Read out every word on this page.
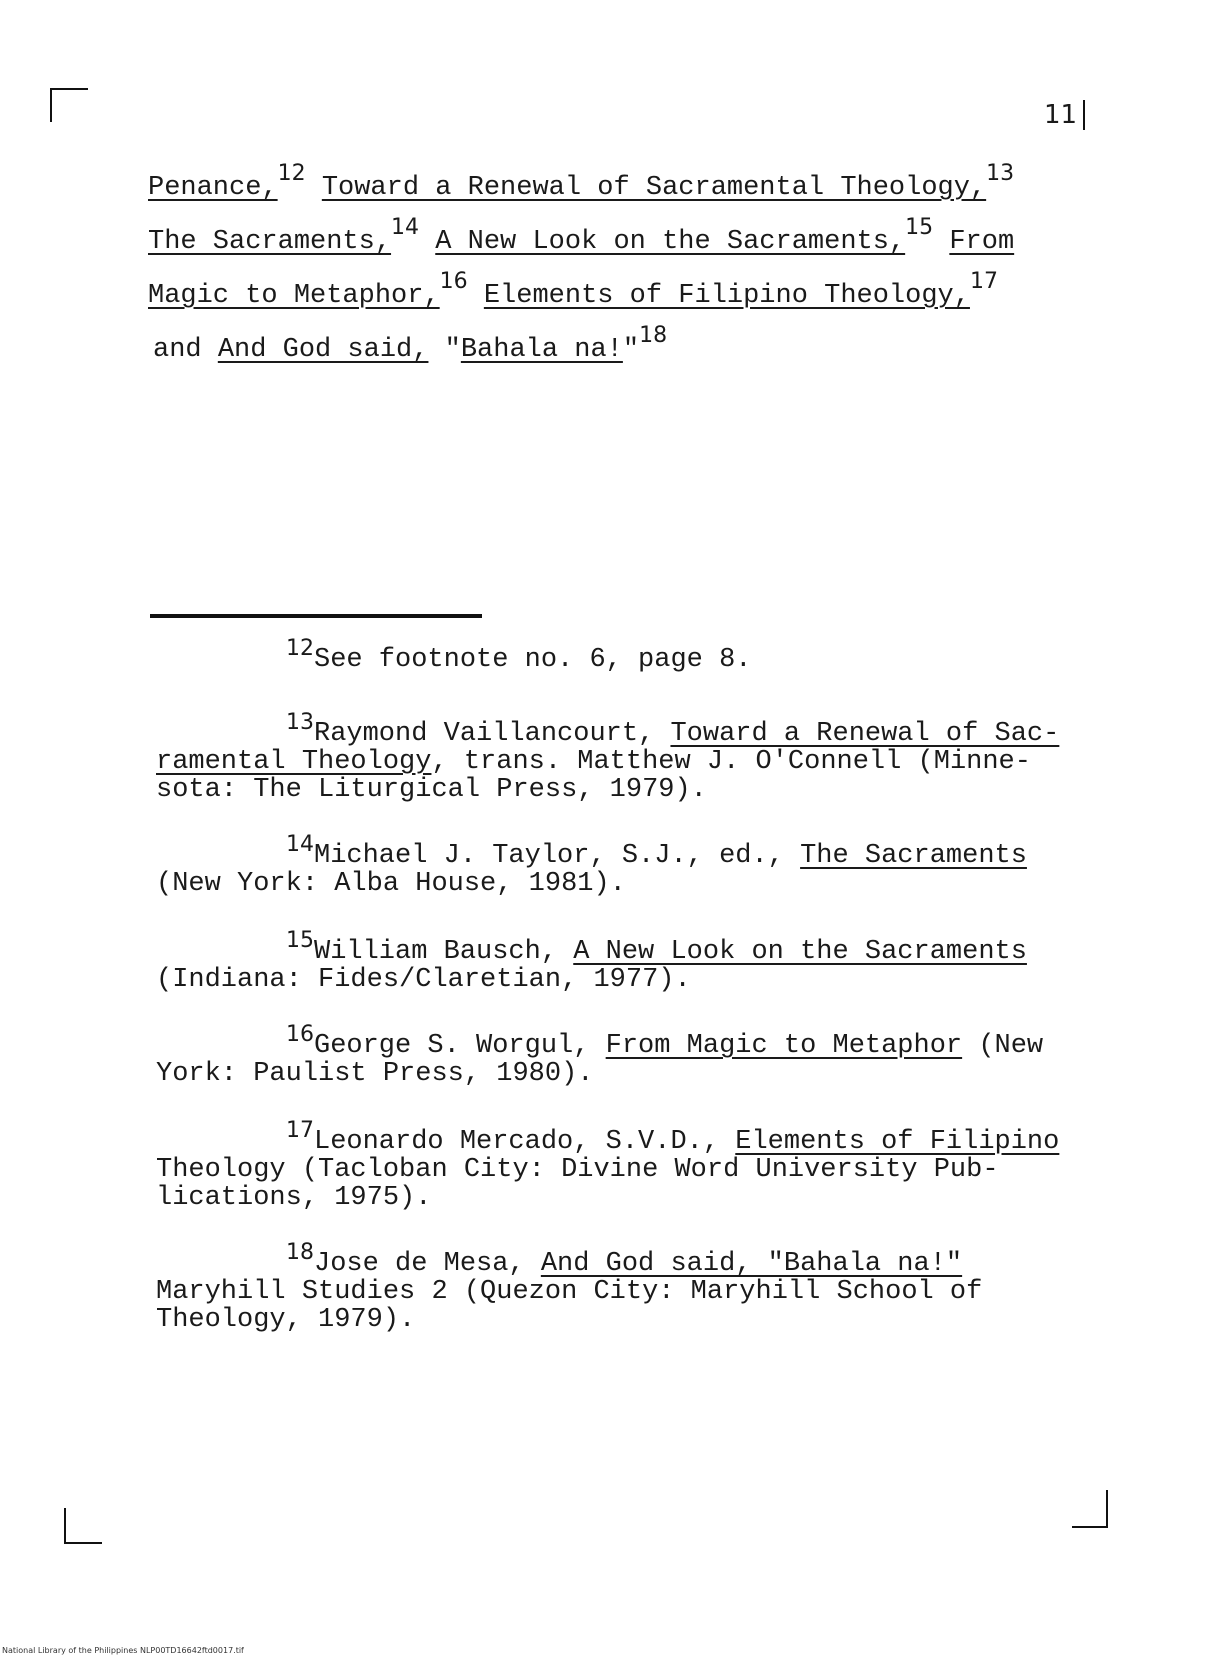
11
Penance,$^{12}$ Toward a Renewal of Sacramental Theology,$^{13}$
The Sacraments,$^{14}$ A New Look on the Sacraments,$^{15}$ From
Magic to Metaphor,$^{16}$ Elements of Filipino Theology,$^{17}$
and And God said, "Bahala na!"$^{18}$
$^{12}$See footnote no. 6, page 8.
$^{13}$Raymond Vaillancourt, Toward a Renewal of Sac-
ramental Theology, trans. Matthew J. O'Connell (Minne-
sota: The Liturgical Press, 1979).
$^{14}$Michael J. Taylor, S.J., ed., The Sacraments
(New York: Alba House, 1981).
$^{15}$William Bausch, A New Look on the Sacraments
(Indiana: Fides/Claretian, 1977).
$^{16}$George S. Worgul, From Magic to Metaphor (New
York: Paulist Press, 1980).
$^{17}$Leonardo Mercado, S.V.D., Elements of Filipino
Theology (Tacloban City: Divine Word University Pub-
lications, 1975).
$^{18}$Jose de Mesa, And God said, "Bahala na!"
Maryhill Studies 2 (Quezon City: Maryhill School of
Theology, 1979).
National Library of the Philippines NLP00TD16642ftd0017.tif
